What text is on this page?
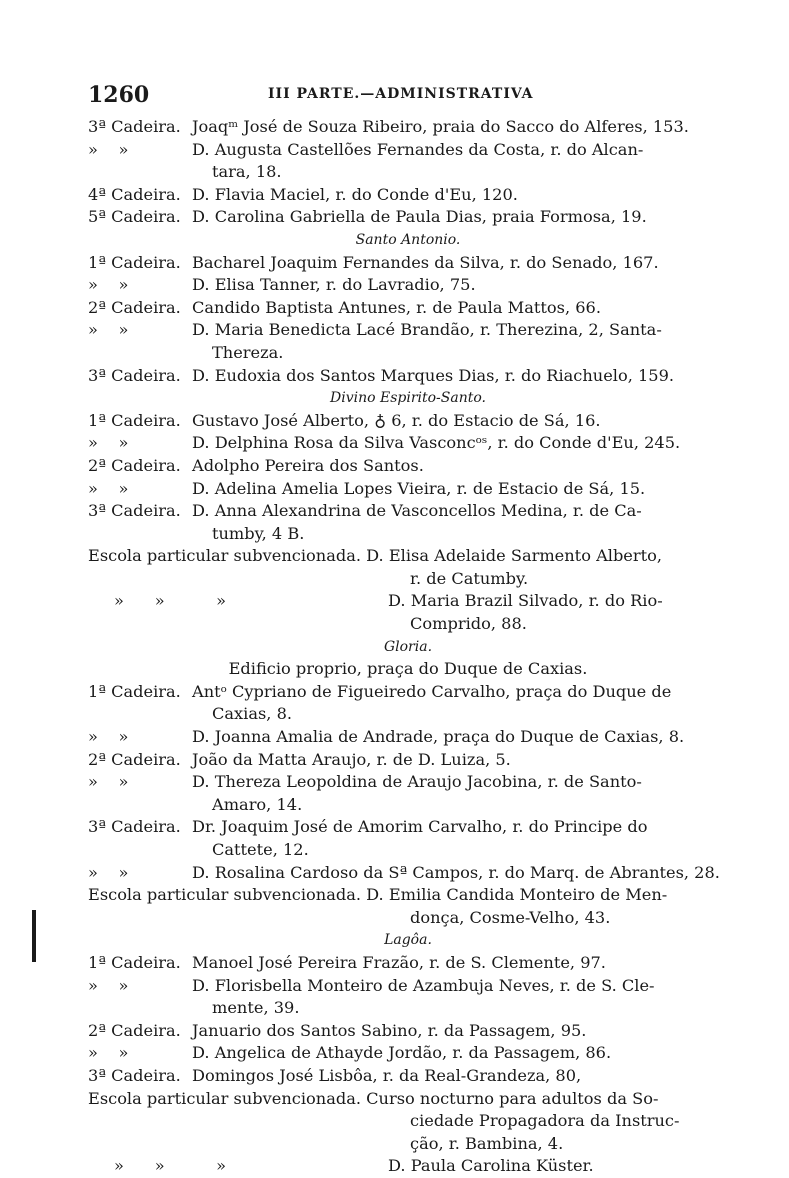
1260	III PARTE.—ADMINISTRATIVA
3ª Cadeira. Joaqᵐ José de Souza Ribeiro, praia do Sacco do Alferes, 153.
»    »	D. Augusta Castellões Fernandes da Costa, r. do Alcan-
tara, 18.
4ª Cadeira. D. Flavia Maciel, r. do Conde d'Eu, 120.
5ª Cadeira. D. Carolina Gabriella de Paula Dias, praia Formosa, 19.
Santo Antonio.
1ª Cadeira. Bacharel Joaquim Fernandes da Silva, r. do Senado, 167.
»    »	D. Elisa Tanner, r. do Lavradio, 75.
2ª Cadeira. Candido Baptista Antunes, r. de Paula Mattos, 66.
»    »	D. Maria Benedicta Lacé Brandão, r. Therezina, 2, Santa-
Thereza.
3ª Cadeira. D. Eudoxia dos Santos Marques Dias, r. do Riachuelo, 159.
Divino Espirito-Santo.
1ª Cadeira. Gustavo José Alberto, ♁ 6, r. do Estacio de Sá, 16.
»    »	D. Delphina Rosa da Silva Vasconcᵒˢ, r. do Conde d'Eu, 245.
2ª Cadeira. Adolpho Pereira dos Santos.
»    »	D. Adelina Amelia Lopes Vieira, r. de Estacio de Sá, 15.
3ª Cadeira. D. Anna Alexandrina de Vasconcellos Medina, r. de Ca-
tumby, 4 B.
Escola particular subvencionada. D. Elisa Adelaide Sarmento Alberto,
r. de Catumby.
»      »          »	D. Maria Brazil Silvado, r. do Rio-
Comprido, 88.
Gloria.
Edificio proprio, praça do Duque de Caxias.
1ª Cadeira. Antᵒ Cypriano de Figueiredo Carvalho, praça do Duque de
Caxias, 8.
»    »	D. Joanna Amalia de Andrade, praça do Duque de Caxias, 8.
2ª Cadeira. João da Matta Araujo, r. de D. Luiza, 5.
»    »	D. Thereza Leopoldina de Araujo Jacobina, r. de Santo-
Amaro, 14.
3ª Cadeira. Dr. Joaquim José de Amorim Carvalho, r. do Principe do
Cattete, 12.
»    »	D. Rosalina Cardoso da Sª Campos, r. do Marq. de Abrantes, 28.
Escola particular subvencionada. D. Emilia Candida Monteiro de Men-
donça, Cosme-Velho, 43.
Lagôa.
1ª Cadeira. Manoel José Pereira Frazão, r. de S. Clemente, 97.
»    »	D. Florisbella Monteiro de Azambuja Neves, r. de S. Cle-
mente, 39.
2ª Cadeira. Januario dos Santos Sabino, r. da Passagem, 95.
»    »	D. Angelica de Athayde Jordão, r. da Passagem, 86.
3ª Cadeira. Domingos José Lisbôa, r. da Real-Grandeza, 80,
Escola particular subvencionada. Curso nocturno para adultos da So-
ciedade Propagadora da Instruc-
ção, r. Bambina, 4.
»      »          »	D. Paula Carolina Küster.
